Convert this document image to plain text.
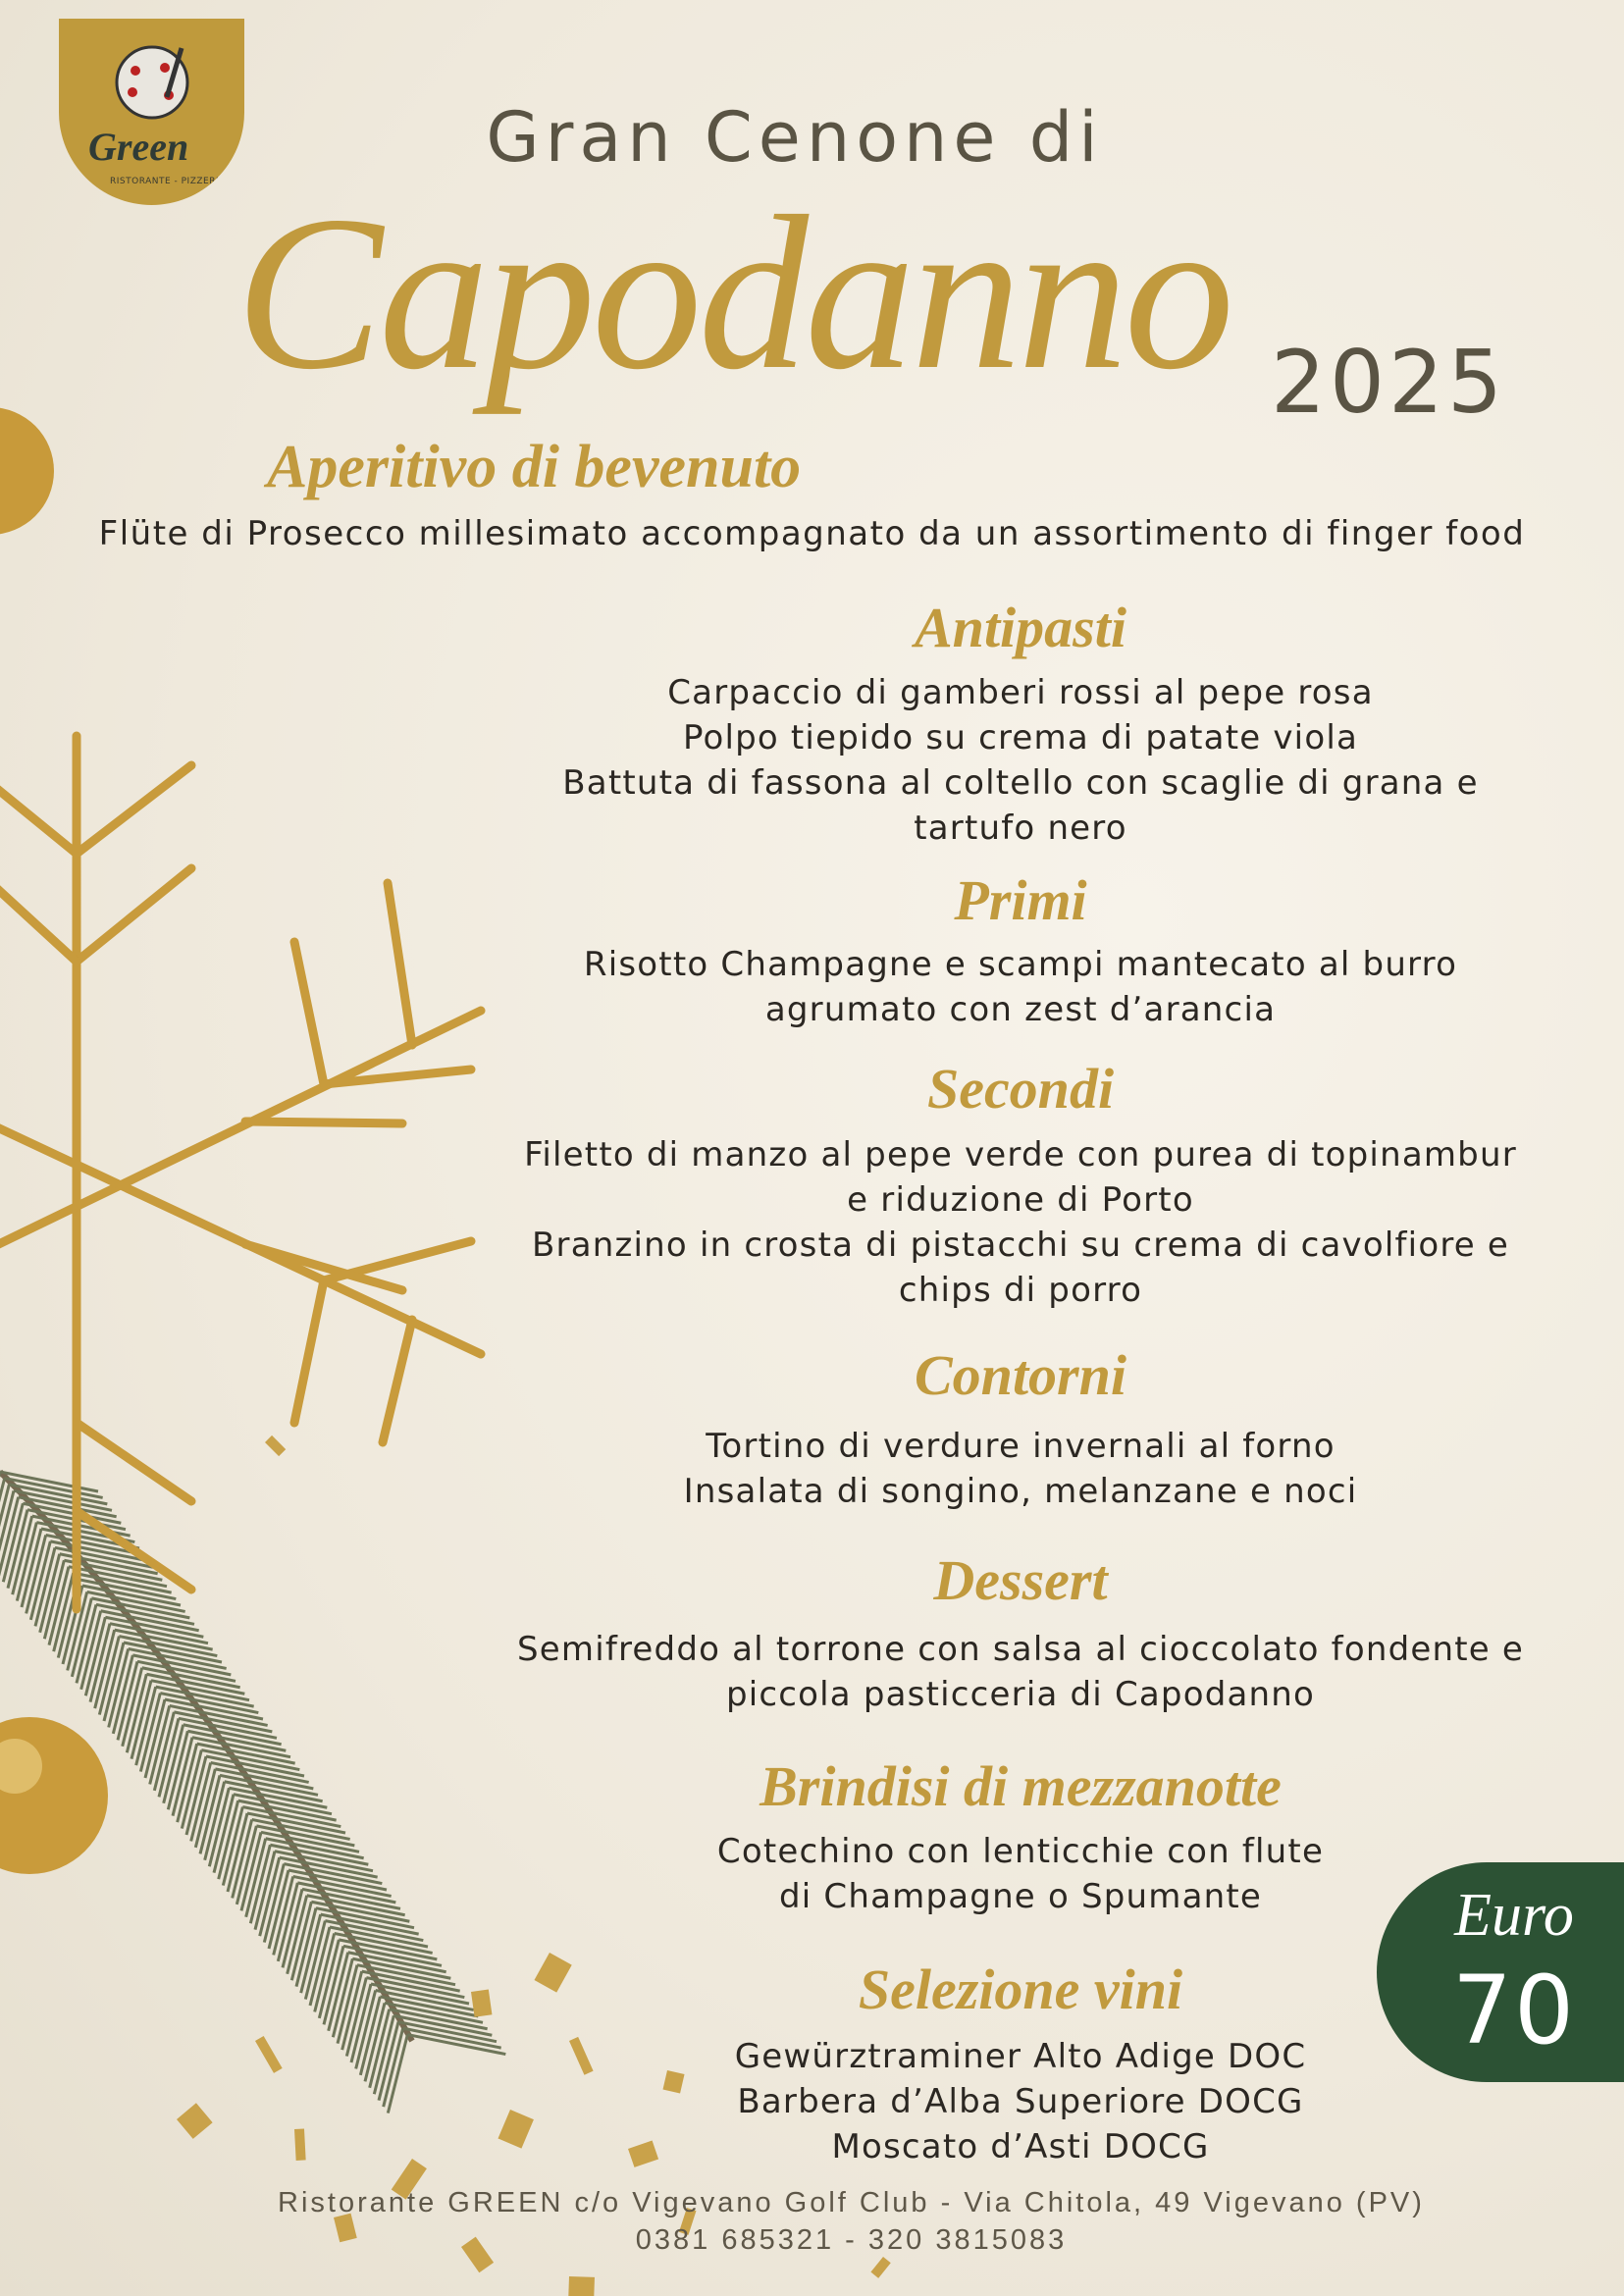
Green
RISTORANTE - PIZZERIA
Gran Cenone di
Capodanno 2025
Aperitivo di bevenuto
Flüte di Prosecco millesimato accompagnato da un assortimento di finger food
Antipasti
Carpaccio di gamberi rossi al pepe rosa
Polpo tiepido su crema di patate viola
Battuta di fassona al coltello con scaglie di grana e
tartufo nero
Primi
Risotto Champagne e scampi mantecato al burro
agrumato con zest d’arancia
Secondi
Filetto di manzo al pepe verde con purea di topinambur
e riduzione di Porto
Branzino in crosta di pistacchi su crema di cavolfiore e
chips di porro
Contorni
Tortino di verdure invernali al forno
Insalata di songino, melanzane e noci
Dessert
Semifreddo al torrone con salsa al cioccolato fondente e
piccola pasticceria di Capodanno
Brindisi di mezzanotte
Cotechino con lenticchie con flute
di Champagne o Spumante
Selezione vini
Gewürztraminer Alto Adige DOC
Barbera d’Alba Superiore DOCG
Moscato d’Asti DOCG
Euro
70
Ristorante GREEN c/o Vigevano Golf Club - Via Chitola, 49 Vigevano (PV)
0381 685321 - 320 3815083
